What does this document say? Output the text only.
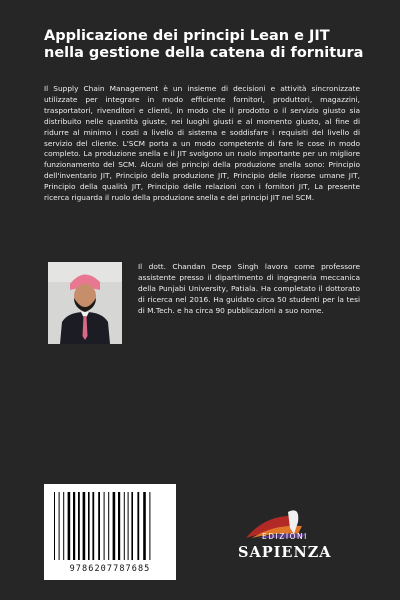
Applicazione dei principi Lean e JIT nella gestione della catena di fornitura

Il Supply Chain Management è un insieme di decisioni e attività sincronizzate utilizzate per integrare in modo efficiente fornitori, produttori, magazzini, trasportatori, rivenditori e clienti, in modo che il prodotto o il servizio giusto sia distribuito nelle quantità giuste, nei luoghi giusti e al momento giusto, al fine di ridurre al minimo i costi a livello di sistema e soddisfare i requisiti del livello di servizio del cliente. L'SCM porta a un modo competente di fare le cose in modo completo. La produzione snella e il JIT svolgono un ruolo importante per un migliore funzionamento del SCM. Alcuni dei principi della produzione snella sono: Principio dell'inventario JIT, Principio della produzione JIT, Principio delle risorse umane JIT, Principio della qualità JIT, Principio delle relazioni con i fornitori JIT, La presente ricerca riguarda il ruolo della produzione snella e dei principi JIT nel SCM.

Il dott. Chandan Deep Singh lavora come professore assistente presso il dipartimento di ingegneria meccanica della Punjabi University, Patiala. Ha completato il dottorato di ricerca nel 2016. Ha guidato circa 50 studenti per la tesi di M.Tech. e ha circa 90 pubblicazioni a suo nome.

9786207787685
EDIZIONI
SAPIENZA
